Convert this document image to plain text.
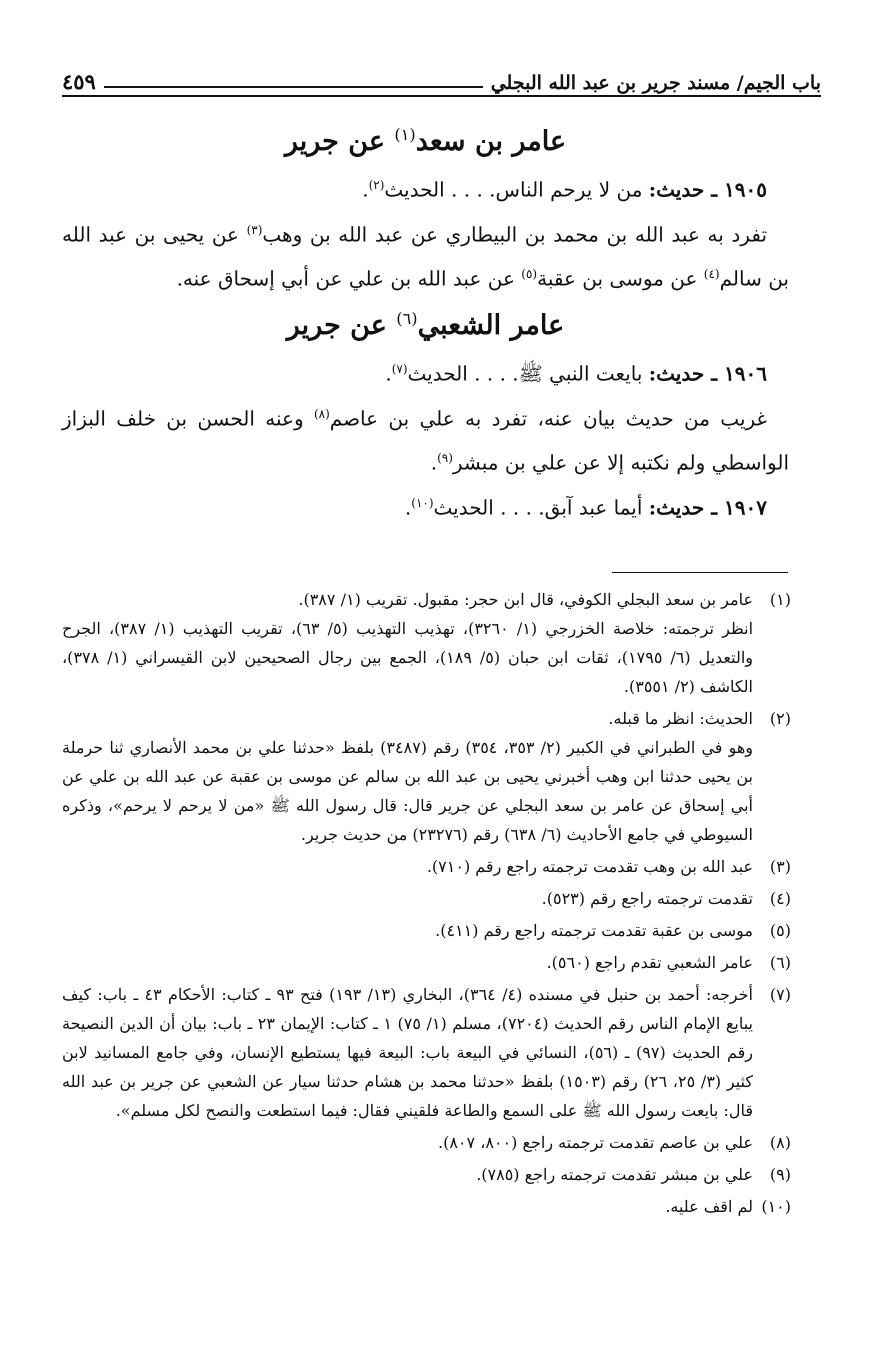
باب الجيم/ مسند جرير بن عبد الله البجلي
٤٥٩
عامر بن سعد$^{(١)}$ عن جرير

١٩٠٥ ـ حديث: من لا يرحم الناس. . . . الحديث$^{(٢)}$.

تفرد به عبد الله بن محمد بن البيطاري عن عبد الله بن وهب$^{(٣)}$ عن يحيى بن عبد الله بن سالم$^{(٤)}$ عن موسى بن عقبة$^{(٥)}$ عن عبد الله بن علي عن أبي إسحاق عنه.

عامر الشعبي$^{(٦)}$ عن جرير

١٩٠٦ ـ حديث: بايعت النبي ﷺ. . . . الحديث$^{(٧)}$.

غريب من حديث بيان عنه، تفرد به علي بن عاصم$^{(٨)}$ وعنه الحسن بن خلف البزاز الواسطي ولم نكتبه إلا عن علي بن مبشر$^{(٩)}$.

١٩٠٧ ـ حديث: أيما عبد آبق. . . . الحديث$^{(١٠)}$.

(١)

عامر بن سعد البجلي الكوفي، قال ابن حجر: مقبول. تقريب (١/ ٣٨٧).

انظر ترجمته: خلاصة الخزرجي (١/ ٣٢٦٠)، تهذيب التهذيب (٥/ ٦٣)، تقريب التهذيب (١/ ٣٨٧)، الجرح والتعديل (٦/ ١٧٩٥)، ثقات ابن حبان (٥/ ١٨٩)، الجمع بين رجال الصحيحين لابن القيسراني (١/ ٣٧٨)، الكاشف (٢/ ٣٥٥١).

(٢)

الحديث: انظر ما قبله.

وهو في الطبراني في الكبير (٢/ ٣٥٣، ٣٥٤) رقم (٣٤٨٧) بلفظ «حدثنا علي بن محمد الأنصاري ثنا حرملة بن يحيى حدثنا ابن وهب أخبرني يحيى بن عبد الله بن سالم عن موسى بن عقبة عن عبد الله بن علي عن أبي إسحاق عن عامر بن سعد البجلي عن جرير قال: قال رسول الله ﷺ «من لا يرحم لا يرحم»، وذكره السيوطي في جامع الأحاديث (٦/ ٦٣٨) رقم (٢٣٢٧٦) من حديث جرير.

(٣)

عبد الله بن وهب تقدمت ترجمته راجع رقم (٧١٠).

(٤)

تقدمت ترجمته راجع رقم (٥٢٣).

(٥)

موسى بن عقبة تقدمت ترجمته راجع رقم (٤١١).

(٦)

عامر الشعبي تقدم راجع (٥٦٠).

(٧)

أخرجه: أحمد بن حنبل في مسنده (٤/ ٣٦٤)، البخاري (١٣/ ١٩٣) فتح ٩٣ ـ كتاب: الأحكام ٤٣ ـ باب: كيف يبايع الإمام الناس رقم الحديث (٧٢٠٤)، مسلم (١/ ٧٥) ١ ـ كتاب: الإيمان ٢٣ ـ باب: بيان أن الدين النصيحة رقم الحديث (٩٧) ـ (٥٦)، النسائي في البيعة باب: البيعة فيها يستطيع الإنسان، وفي جامع المسانيد لابن كثير (٣/ ٢٥، ٢٦) رقم (١٥٠٣) بلفظ «حدثنا محمد بن هشام حدثنا سيار عن الشعبي عن جرير بن عبد الله قال: بايعت رسول الله ﷺ على السمع والطاعة فلقيني فقال: فيما استطعت والنصح لكل مسلم».

(٨)

علي بن عاصم تقدمت ترجمته راجع (٨٠٠، ٨٠٧).

(٩)

علي بن مبشر تقدمت ترجمته راجع (٧٨٥).

(١٠)

لم اقف عليه.
